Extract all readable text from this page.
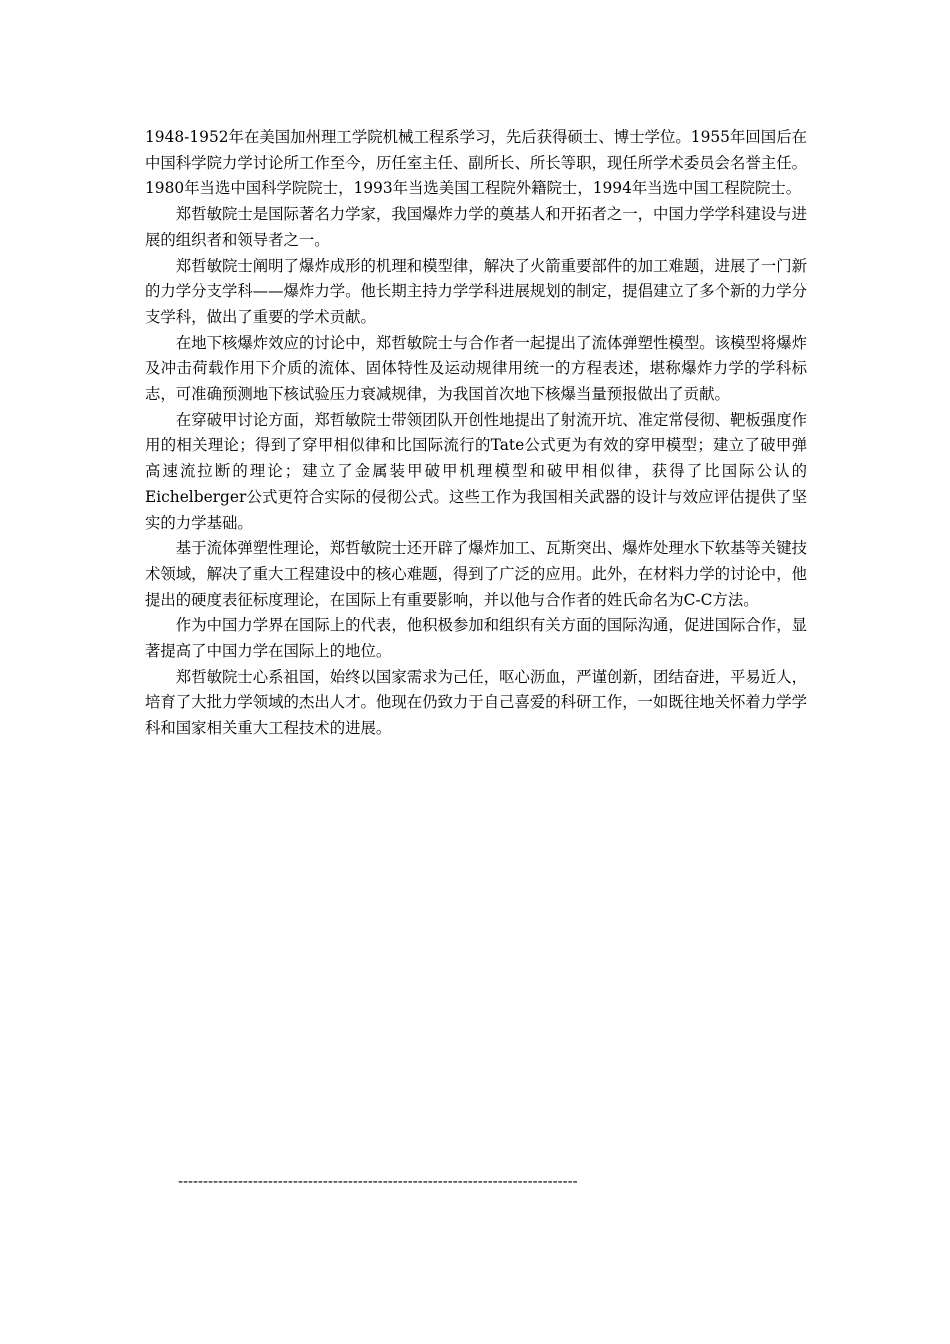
1948-1952年在美国加州理工学院机械工程系学习，先后获得硕士、博士学位。1955年回国后在中国科学院力学讨论所工作至今，历任室主任、副所长、所长等职，现任所学术委员会名誉主任。1980年当选中国科学院院士，1993年当选美国工程院外籍院士，1994年当选中国工程院院士。

郑哲敏院士是国际著名力学家，我国爆炸力学的奠基人和开拓者之一，中国力学学科建设与进展的组织者和领导者之一。

郑哲敏院士阐明了爆炸成形的机理和模型律，解决了火箭重要部件的加工难题，进展了一门新的力学分支学科——爆炸力学。他长期主持力学学科进展规划的制定，提倡建立了多个新的力学分支学科，做出了重要的学术贡献。

在地下核爆炸效应的讨论中，郑哲敏院士与合作者一起提出了流体弹塑性模型。该模型将爆炸及冲击荷载作用下介质的流体、固体特性及运动规律用统一的方程表述，堪称爆炸力学的学科标志，可准确预测地下核试验压力衰减规律，为我国首次地下核爆当量预报做出了贡献。

在穿破甲讨论方面，郑哲敏院士带领团队开创性地提出了射流开坑、准定常侵彻、靶板强度作用的相关理论；得到了穿甲相似律和比国际流行的Tate公式更为有效的穿甲模型；建立了破甲弹高速流拉断的理论；建立了金属装甲破甲机理模型和破甲相似律，获得了比国际公认的Eichelberger公式更符合实际的侵彻公式。这些工作为我国相关武器的设计与效应评估提供了坚实的力学基础。

基于流体弹塑性理论，郑哲敏院士还开辟了爆炸加工、瓦斯突出、爆炸处理水下软基等关键技术领域，解决了重大工程建设中的核心难题，得到了广泛的应用。此外，在材料力学的讨论中，他提出的硬度表征标度理论，在国际上有重要影响，并以他与合作者的姓氏命名为C-C方法。

作为中国力学界在国际上的代表，他积极参加和组织有关方面的国际沟通，促进国际合作，显著提高了中国力学在国际上的地位。

郑哲敏院士心系祖国，始终以国家需求为己任，呕心沥血，严谨创新，团结奋进，平易近人，培育了大批力学领域的杰出人才。他现在仍致力于自己喜爱的科研工作，一如既往地关怀着力学学科和国家相关重大工程技术的进展。

--------------------------------------------------------------------------------
